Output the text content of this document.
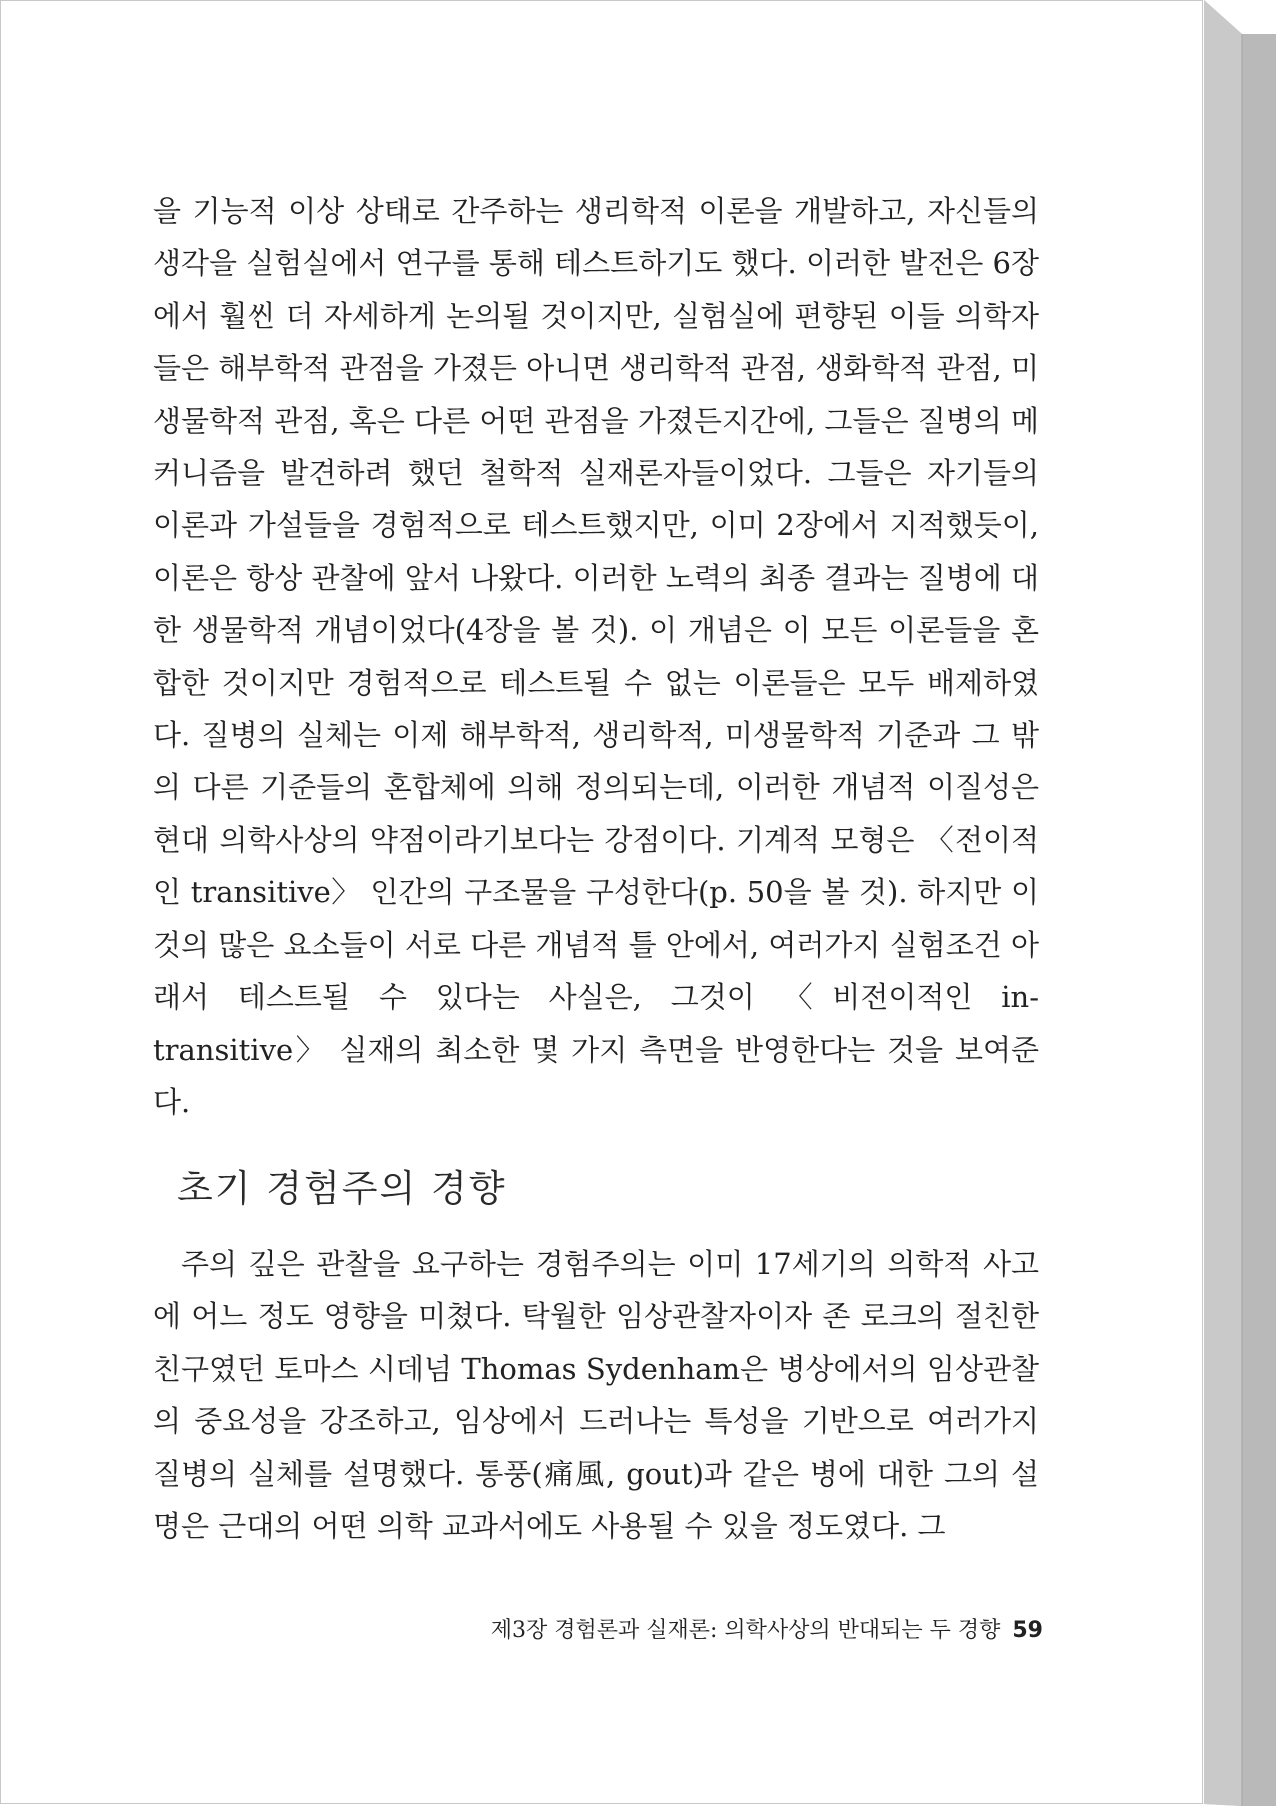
을 기능적 이상 상태로 간주하는 생리학적 이론을 개발하고, 자신들의 생각을 실험실에서 연구를 통해 테스트하기도 했다. 이러한 발전은 6장에서 훨씬 더 자세하게 논의될 것이지만, 실험실에 편향된 이들 의학자들은 해부학적 관점을 가졌든 아니면 생리학적 관점, 생화학적 관점, 미생물학적 관점, 혹은 다른 어떤 관점을 가졌든지간에, 그들은 질병의 메커니즘을 발견하려 했던 철학적 실재론자들이었다. 그들은 자기들의 이론과 가설들을 경험적으로 테스트했지만, 이미 2장에서 지적했듯이, 이론은 항상 관찰에 앞서 나왔다. 이러한 노력의 최종 결과는 질병에 대한 생물학적 개념이었다(4장을 볼 것). 이 개념은 이 모든 이론들을 혼합한 것이지만 경험적으로 테스트될 수 없는 이론들은 모두 배제하였다. 질병의 실체는 이제 해부학적, 생리학적, 미생물학적 기준과 그 밖의 다른 기준들의 혼합체에 의해 정의되는데, 이러한 개념적 이질성은 현대 의학사상의 약점이라기보다는 강점이다. 기계적 모형은 〈전이적인 transitive〉 인간의 구조물을 구성한다(p. 50을 볼 것). 하지만 이것의 많은 요소들이 서로 다른 개념적 틀 안에서, 여러가지 실험조건 아래서 테스트될 수 있다는 사실은, 그것이 〈비전이적인 in-transitive〉 실재의 최소한 몇 가지 측면을 반영한다는 것을 보여준다.

초기 경험주의 경향

주의 깊은 관찰을 요구하는 경험주의는 이미 17세기의 의학적 사고에 어느 정도 영향을 미쳤다. 탁월한 임상관찰자이자 존 로크의 절친한 친구였던 토마스 시데넘 Thomas Sydenham은 병상에서의 임상관찰의 중요성을 강조하고, 임상에서 드러나는 특성을 기반으로 여러가지 질병의 실체를 설명했다. 통풍(痛風, gout)과 같은 병에 대한 그의 설명은 근대의 어떤 의학 교과서에도 사용될 수 있을 정도였다. 그

제3장 경험론과 실재론: 의학사상의 반대되는 두 경향 59
